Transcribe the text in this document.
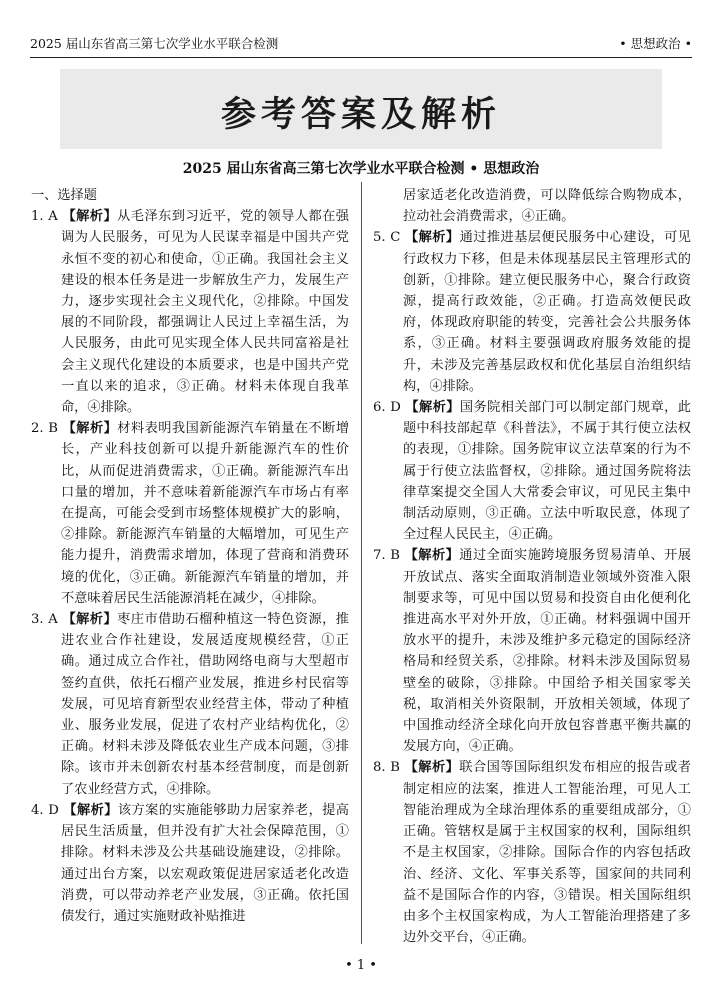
2025 届山东省高三第七次学业水平联合检测	• 思想政治 •
参考答案及解析
2025 届山东省高三第七次学业水平联合检测 • 思想政治

一、选择题

1. A 【解析】从毛泽东到习近平，党的领导人都在强调为人民服务，可见为人民谋幸福是中国共产党永恒不变的初心和使命，①正确。我国社会主义建设的根本任务是进一步解放生产力，发展生产力，逐步实现社会主义现代化，②排除。中国发展的不同阶段，都强调让人民过上幸福生活，为人民服务，由此可见实现全体人民共同富裕是社会主义现代化建设的本质要求，也是中国共产党一直以来的追求，③正确。材料未体现自我革命，④排除。

2. B 【解析】材料表明我国新能源汽车销量在不断增长，产业科技创新可以提升新能源汽车的性价比，从而促进消费需求，①正确。新能源汽车出口量的增加，并不意味着新能源汽车市场占有率在提高，可能会受到市场整体规模扩大的影响，②排除。新能源汽车销量的大幅增加，可见生产能力提升，消费需求增加，体现了营商和消费环境的优化，③正确。新能源汽车销量的增加，并不意味着居民生活能源消耗在减少，④排除。

3. A 【解析】枣庄市借助石榴种植这一特色资源，推进农业合作社建设，发展适度规模经营，①正确。通过成立合作社，借助网络电商与大型超市签约直供，依托石榴产业发展，推进乡村民宿等发展，可见培育新型农业经营主体，带动了种植业、服务业发展，促进了农村产业结构优化，②正确。材料未涉及降低农业生产成本问题，③排除。该市并未创新农村基本经营制度，而是创新了农业经营方式，④排除。

4. D 【解析】该方案的实施能够助力居家养老，提高居民生活质量，但并没有扩大社会保障范围，①排除。材料未涉及公共基础设施建设，②排除。通过出台方案，以宏观政策促进居家适老化改造消费，可以带动养老产业发展，③正确。依托国债发行，通过实施财政补贴推进

居家适老化改造消费，可以降低综合购物成本，拉动社会消费需求，④正确。

5. C 【解析】通过推进基层便民服务中心建设，可见行政权力下移，但是未体现基层民主管理形式的创新，①排除。建立便民服务中心，聚合行政资源，提高行政效能，②正确。打造高效便民政府，体现政府职能的转变，完善社会公共服务体系，③正确。材料主要强调政府服务效能的提升，未涉及完善基层政权和优化基层自治组织结构，④排除。

6. D 【解析】国务院相关部门可以制定部门规章，此题中科技部起草《科普法》，不属于其行使立法权的表现，①排除。国务院审议立法草案的行为不属于行使立法监督权，②排除。通过国务院将法律草案提交全国人大常委会审议，可见民主集中制活动原则，③正确。立法中听取民意，体现了全过程人民民主，④正确。

7. B 【解析】通过全面实施跨境服务贸易清单、开展开放试点、落实全面取消制造业领域外资准入限制要求等，可见中国以贸易和投资自由化便利化推进高水平对外开放，①正确。材料强调中国开放水平的提升，未涉及维护多元稳定的国际经济格局和经贸关系，②排除。材料未涉及国际贸易壁垒的破除，③排除。中国给予相关国家零关税，取消相关外资限制，开放相关领域，体现了中国推动经济全球化向开放包容普惠平衡共赢的发展方向，④正确。

8. B 【解析】联合国等国际组织发布相应的报告或者制定相应的法案，推进人工智能治理，可见人工智能治理成为全球治理体系的重要组成部分，①正确。管辖权是属于主权国家的权利，国际组织不是主权国家，②排除。国际合作的内容包括政治、经济、文化、军事关系等，国家间的共同利益不是国际合作的内容，③错误。相关国际组织由多个主权国家构成，为人工智能治理搭建了多边外交平台，④正确。

• 1 •
